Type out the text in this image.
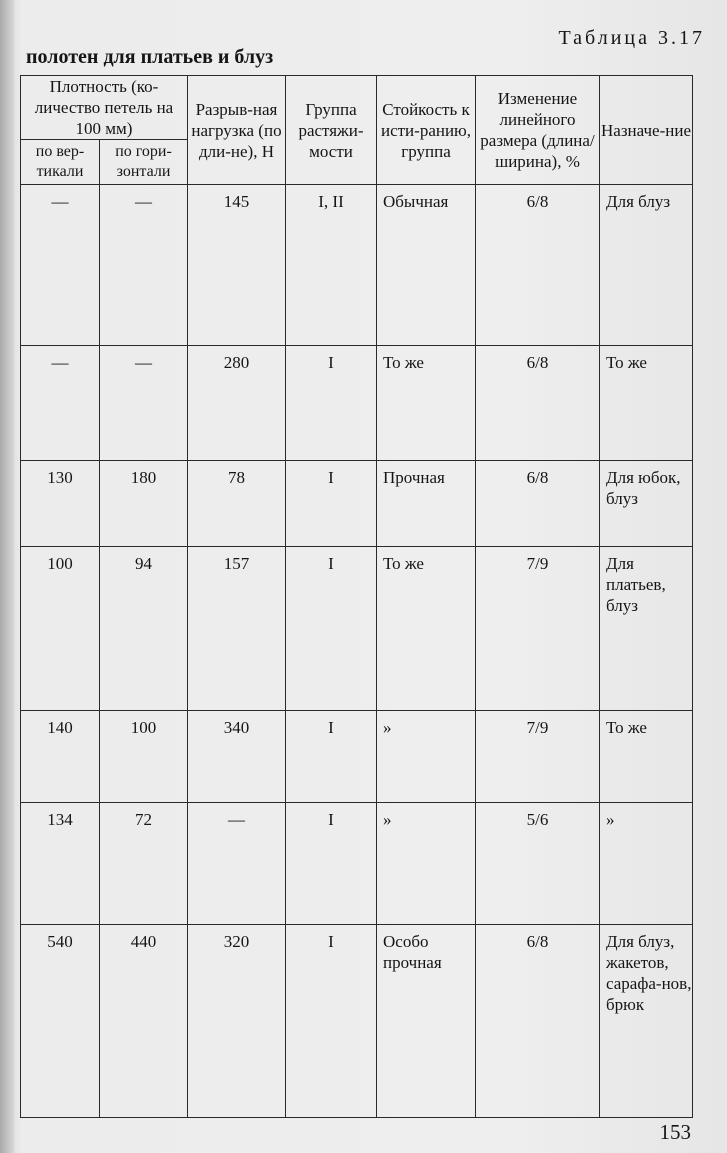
Таблица 3.17
полотен для платьев и блуз
Плотность (ко-личество петель на 100 мм)		Разрыв-ная нагрузка (по дли-не), Н	Группа растяжи-мости	Стойкость к исти-ранию, группа	Изменение линейного размера (длина/ ширина), %	Назначе-ние
по вер-тикали	по гори-зонтали					
—	—	145	I, II	Обычная	6/8	Для блуз
—	—	280	I	То же	6/8	То же
130	180	78	I	Прочная	6/8	Для юбок, блуз
100	94	157	I	То же	7/9	Для платьев, блуз
140	100	340	I	»	7/9	То же
134	72	—	I	»	5/6	»
540	440	320	I	Особо прочная	6/8	Для блуз, жакетов, сарафа-нов, брюк
153
